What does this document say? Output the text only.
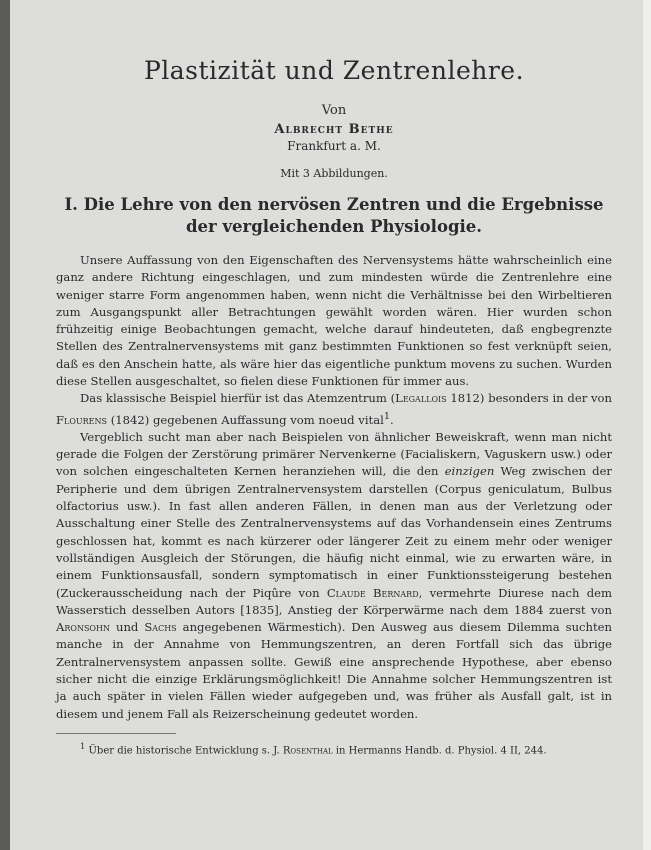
Plastizität und Zentrenlehre.
Von
Albrecht Bethe
Frankfurt a. M.
Mit 3 Abbildungen.
I. Die Lehre von den nervösen Zentren und die Ergebnisse der vergleichenden Physiologie.

Unsere Auffassung von den Eigenschaften des Nervensystems hätte wahrscheinlich eine ganz andere Richtung eingeschlagen, und zum mindesten würde die Zentrenlehre eine weniger starre Form angenommen haben, wenn nicht die Verhältnisse bei den Wirbeltieren zum Ausgangspunkt aller Betrachtungen gewählt worden wären. Hier wurden schon frühzeitig einige Beobachtungen gemacht, welche darauf hindeuteten, daß engbegrenzte Stellen des Zentralnervensystems mit ganz bestimmten Funktionen so fest verknüpft seien, daß es den Anschein hatte, als wäre hier das eigentliche punktum movens zu suchen. Wurden diese Stellen ausgeschaltet, so fielen diese Funktionen für immer aus.

Das klassische Beispiel hierfür ist das Atemzentrum (Legallois 1812) besonders in der von Flourens (1842) gegebenen Auffassung vom noeud vital$^1$.

Vergeblich sucht man aber nach Beispielen von ähnlicher Beweiskraft, wenn man nicht gerade die Folgen der Zerstörung primärer Nervenkerne (Facialiskern, Vaguskern usw.) oder von solchen eingeschalteten Kernen heranziehen will, die den einzigen Weg zwischen der Peripherie und dem übrigen Zentralnervensystem darstellen (Corpus geniculatum, Bulbus olfactorius usw.). In fast allen anderen Fällen, in denen man aus der Verletzung oder Ausschaltung einer Stelle des Zentralnervensystems auf das Vorhandensein eines Zentrums geschlossen hat, kommt es nach kürzerer oder längerer Zeit zu einem mehr oder weniger vollständigen Ausgleich der Störungen, die häufig nicht einmal, wie zu erwarten wäre, in einem Funktionsausfall, sondern symptomatisch in einer Funktionssteigerung bestehen (Zuckerausscheidung nach der Piqûre von Claude Bernard, vermehrte Diurese nach dem Wasserstich desselben Autors [1835], Anstieg der Körperwärme nach dem 1884 zuerst von Aronsohn und Sachs angegebenen Wärmestich). Den Ausweg aus diesem Dilemma suchten manche in der Annahme von Hemmungszentren, an deren Fortfall sich das übrige Zentralnervensystem anpassen sollte. Gewiß eine ansprechende Hypothese, aber ebenso sicher nicht die einzige Erklärungsmöglichkeit! Die Annahme solcher Hemmungszentren ist ja auch später in vielen Fällen wieder aufgegeben und, was früher als Ausfall galt, ist in diesem und jenem Fall als Reizerscheinung gedeutet worden.

$^1$ Über die historische Entwicklung s. J. Rosenthal in Hermanns Handb. d. Physiol. 4 II, 244.
